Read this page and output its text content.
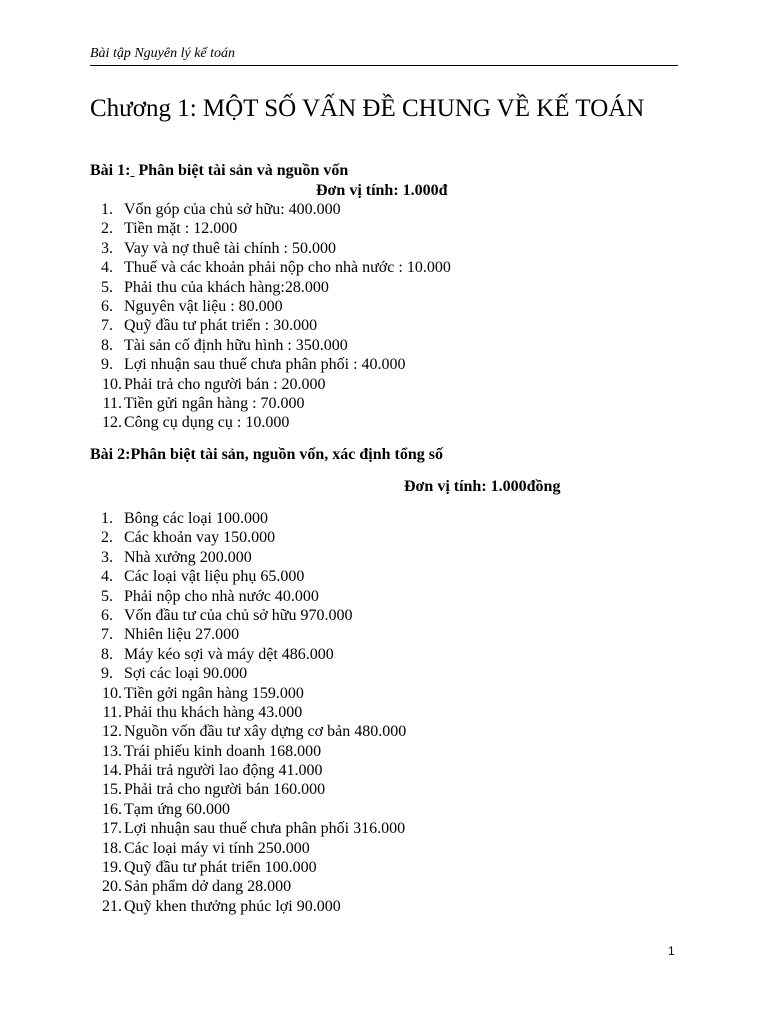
Bài tập Nguyên lý kế toán
Chương 1: MỘT SỐ VẤN ĐỀ CHUNG VỀ KẾ TOÁN
Bài 1: Phân biệt tài sản và nguồn vốn
Đơn vị tính: 1.000đ
1. Vốn góp của chủ sở hữu: 400.000
2. Tiền mặt : 12.000
3. Vay và nợ thuê tài chính : 50.000
4. Thuế và các khoản phải nộp cho nhà nước : 10.000
5. Phải thu của khách hàng:28.000
6. Nguyên vật liệu : 80.000
7. Quỹ đầu tư phát triển : 30.000
8. Tài sản cố định hữu hình : 350.000
9. Lợi nhuận sau thuế chưa phân phối : 40.000
10. Phải trả cho người bán : 20.000
11. Tiền gửi ngân hàng : 70.000
12. Công cụ dụng cụ : 10.000
Bài 2:Phân biệt tài sản, nguồn vốn, xác định tổng số
Đơn vị tính: 1.000đồng
1. Bông các loại 100.000
2. Các khoản vay 150.000
3. Nhà xưởng 200.000
4. Các loại vật liệu phụ 65.000
5. Phải nộp cho nhà nước 40.000
6. Vốn đầu tư của chủ sở hữu 970.000
7. Nhiên liệu 27.000
8. Máy kéo sợi và máy dệt 486.000
9. Sợi các loại 90.000
10. Tiền gởi ngân hàng 159.000
11. Phải thu khách hàng 43.000
12. Nguồn vốn đầu tư xây dựng cơ bản 480.000
13. Trái phiếu kinh doanh 168.000
14. Phải trả người lao động 41.000
15. Phải trả cho người bán 160.000
16. Tạm ứng 60.000
17. Lợi nhuận sau thuế chưa phân phối 316.000
18. Các loại máy vi tính 250.000
19. Quỹ đầu tư phát triển 100.000
20. Sản phẩm dở dang 28.000
21. Quỹ khen thưởng phúc lợi 90.000
1
